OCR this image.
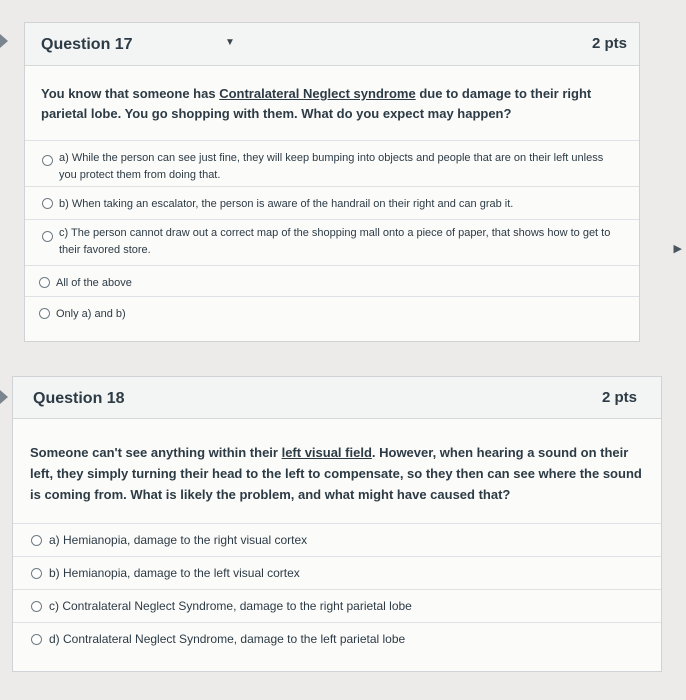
Question 17	▼	2 pts
You know that someone has Contralateral Neglect syndrome due to damage to their right parietal lobe. You go shopping with them. What do you expect may happen?
a) While the person can see just fine, they will keep bumping into objects and people that are on their left unless you protect them from doing that.
b) When taking an escalator, the person is aware of the handrail on their right and can grab it.
c) The person cannot draw out a correct map of the shopping mall onto a piece of paper, that shows how to get to their favored store.
All of the above
Only a) and b)
▶
Question 18	2 pts
Someone can't see anything within their left visual field. However, when hearing a sound on their left, they simply turning their head to the left to compensate, so they then can see where the sound is coming from. What is likely the problem, and what might have caused that?
a) Hemianopia, damage to the right visual cortex
b) Hemianopia, damage to the left visual cortex
c) Contralateral Neglect Syndrome, damage to the right parietal lobe
d) Contralateral Neglect Syndrome, damage to the left parietal lobe
